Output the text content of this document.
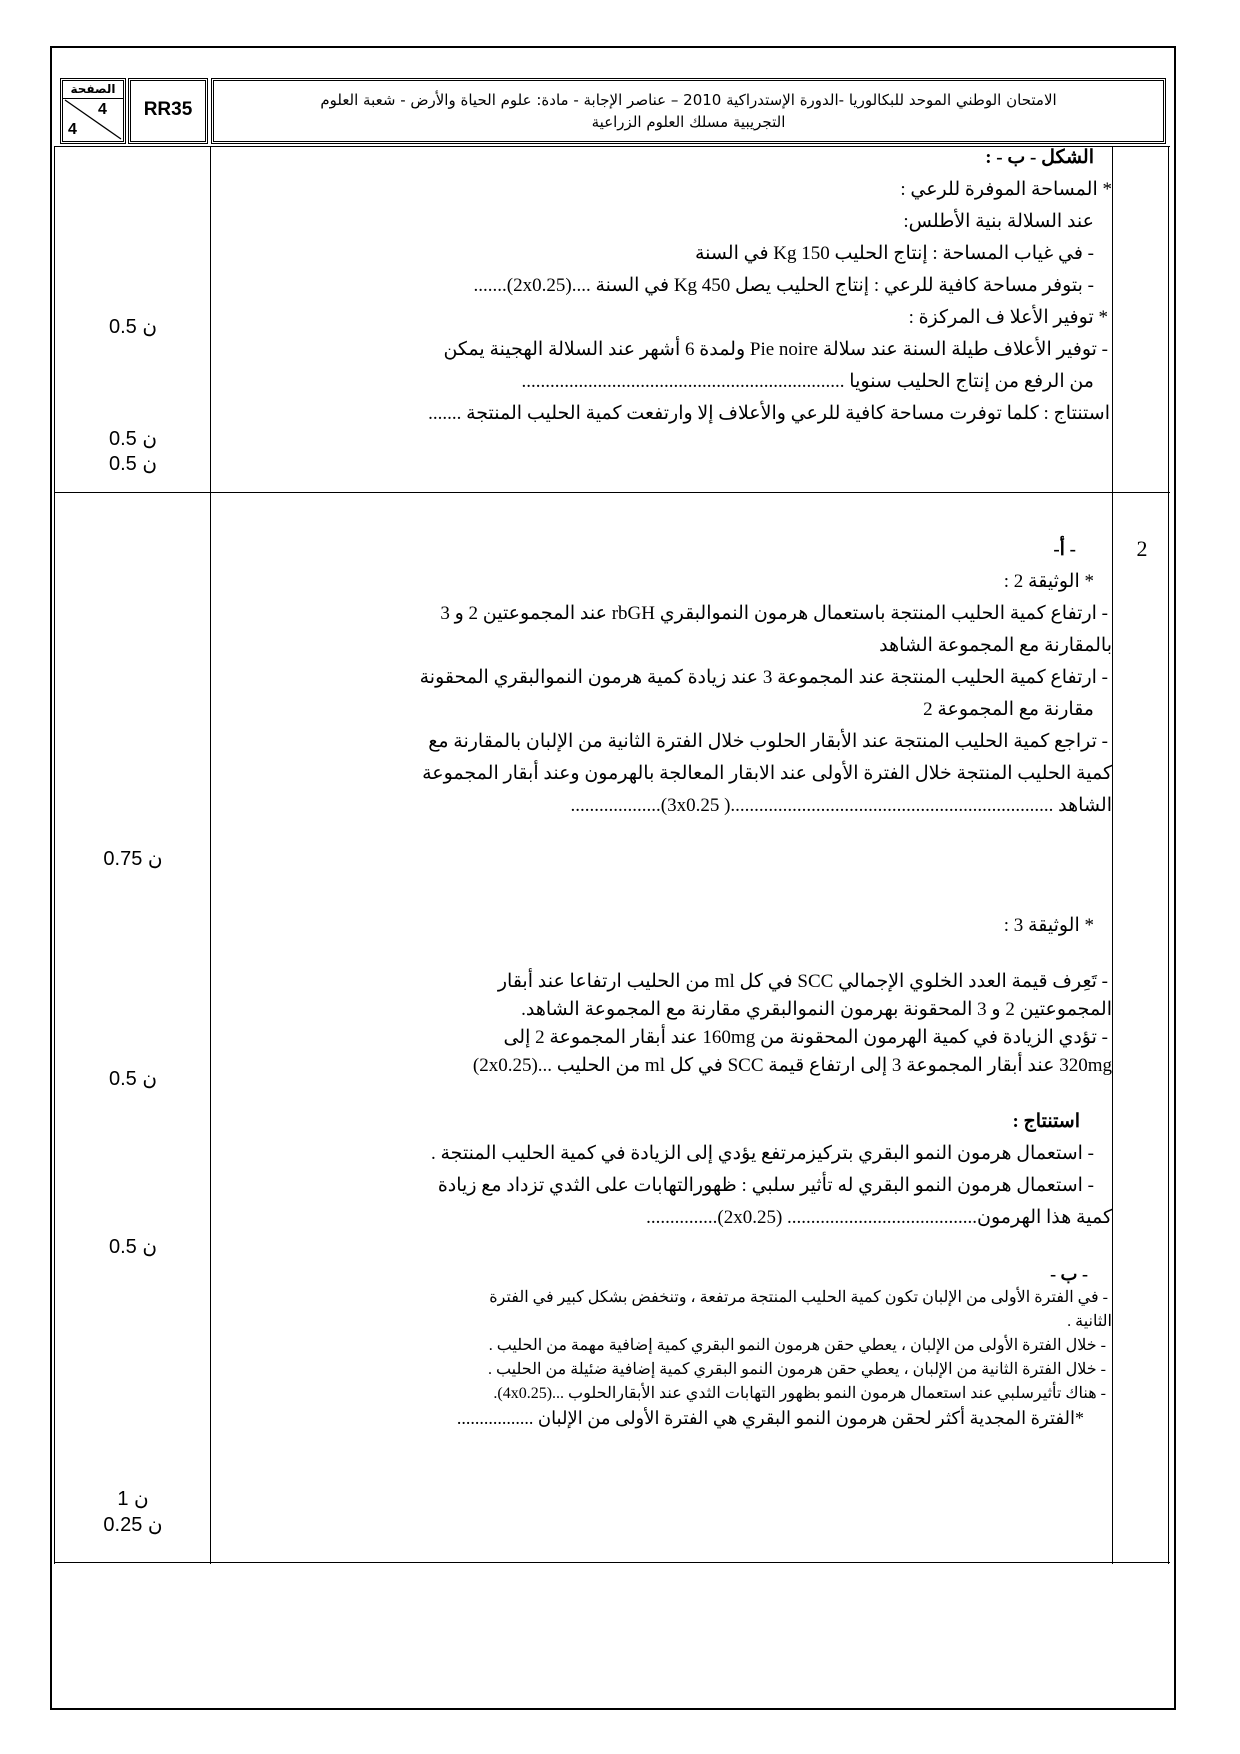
الصفحة
4
4
RR35	الامتحان الوطني الموحد للبكالوريا -الدورة الإستدراكية 2010 – عناصر الإجابة - مادة: علوم الحياة والأرض - شعبة العلوم
التجريبية مسلك العلوم الزراعية

الشكل - ب - :

* المساحة الموفرة للرعي :

عند السلالة بنية الأطلس:

- في غياب المساحة : إنتاج الحليب 150 Kg في السنة

- بتوفر مساحة كافية للرعي : إنتاج الحليب يصل 450 Kg في السنة ....(2x0.25).......

* توفير الأعلا ف المركزة :

- توفير الأعلاف طيلة السنة عند سلالة Pie noire ولمدة 6 أشهر عند السلالة الهجينة يمكن

من الرفع من إنتاج الحليب سنويا ....................................................................

استنتاج : كلما توفرت مساحة كافية للرعي والأعلاف إلا وارتفعت كمية الحليب المنتجة .......

0.5 ن
0.5 ن
0.5 ن
2

- أ-

* الوثيقة 2 :

- ارتفاع كمية الحليب المنتجة باستعمال هرمون النموالبقري rbGH عند المجموعتين 2 و 3

بالمقارنة مع المجموعة الشاهد

- ارتفاع كمية الحليب المنتجة عند المجموعة 3 عند زيادة كمية هرمون النموالبقري المحقونة

مقارنة مع المجموعة 2

- تراجع كمية الحليب المنتجة عند الأبقار الحلوب خلال الفترة الثانية من الإلبان بالمقارنة مع

كمية الحليب المنتجة خلال الفترة الأولى عند الابقار المعالجة بالهرمون وعند أبقار المجموعة

الشاهد ....................................................................( 3x0.25)...................

0.75 ن

* الوثيقة 3 :

- تَعِرف قيمة العدد الخلوي الإجمالي SCC في كل ml من الحليب ارتفاعا عند أبقار

المجموعتين 2 و 3 المحقونة بهرمون النموالبقري مقارنة مع المجموعة الشاهد.

- تؤدي الزيادة في كمية الهرمون المحقونة من 160mg عند أبقار المجموعة 2 إلى

320mg عند أبقار المجموعة 3 إلى ارتفاع قيمة SCC في كل ml من الحليب ...(2x0.25)

0.5 ن

استنتاج :

- استعمال هرمون النمو البقري بتركيزمرتفع يؤدي إلى الزيادة في كمية الحليب المنتجة .

- استعمال هرمون النمو البقري له تأثير سلبي : ظهورالتهابات على الثدي تزداد مع زيادة

كمية هذا الهرمون........................................ (2x0.25)...............

0.5 ن

- ب -

- في الفترة الأولى من الإلبان تكون كمية الحليب المنتجة مرتفعة ، وتنخفض بشكل كبير في الفترة

الثانية .

- خلال الفترة الأولى من الإلبان ، يعطي حقن هرمون النمو البقري كمية إضافية مهمة من الحليب .

- خلال الفترة الثانية من الإلبان ، يعطي حقن هرمون النمو البقري كمية إضافية ضئيلة من الحليب .

- هناك تأثيرسلبي عند استعمال هرمون النمو بظهور التهابات الثدي عند الأبقارالحلوب ...(4x0.25).

*الفترة المجدية أكثر لحقن هرمون النمو البقري هي الفترة الأولى من الإلبان .................

1 ن
0.25 ن
